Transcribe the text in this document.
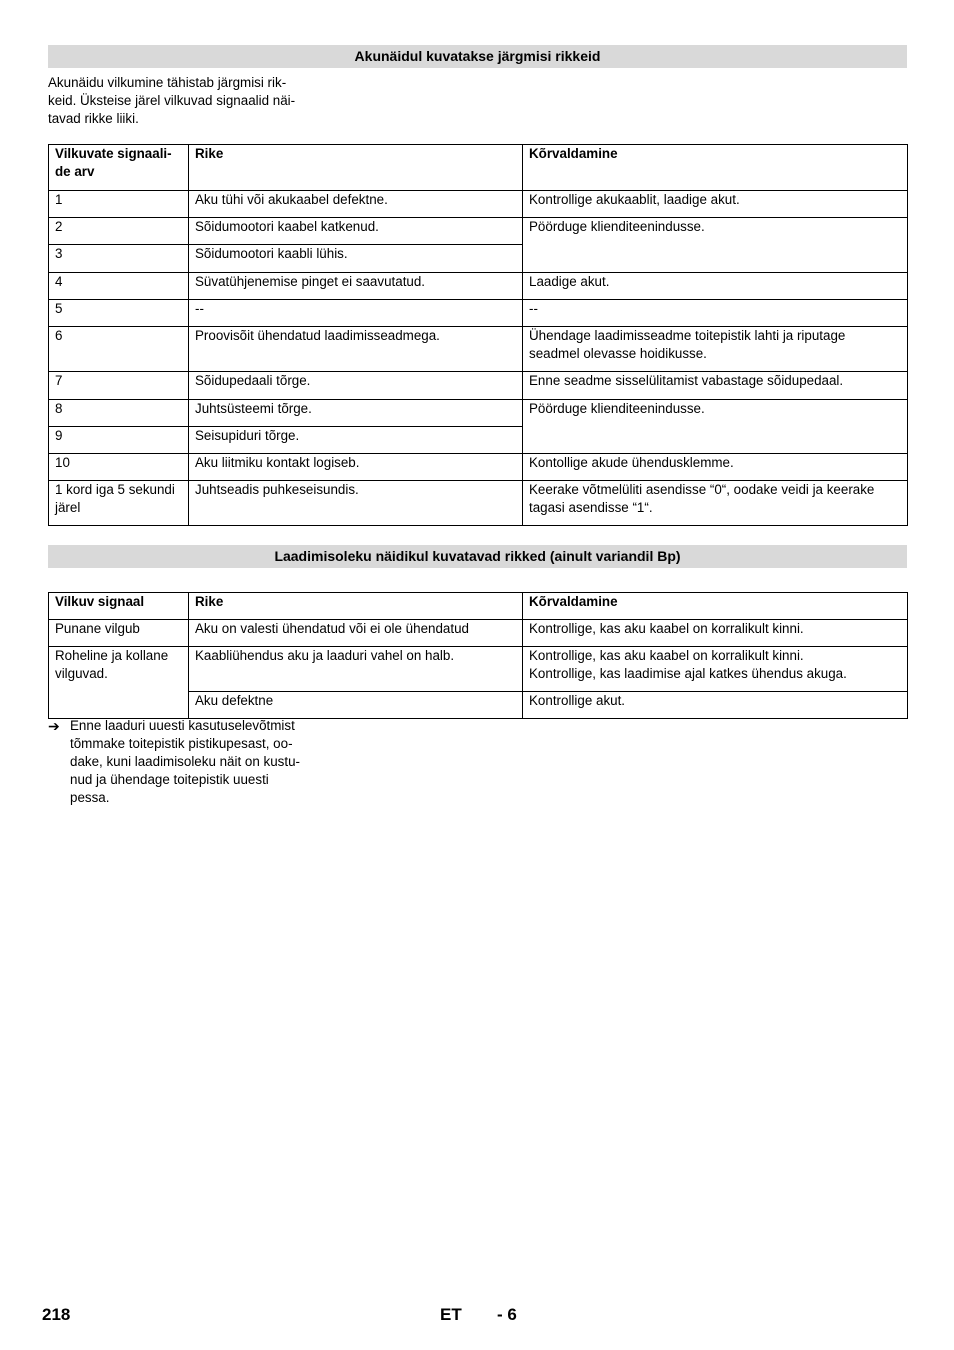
Akunäidul kuvatakse järgmisi rikkeid
Akunäidu vilkumine tähistab järgmisi rik-
keid. Üksteise järel vilkuvad signaalid näi-
tavad rikke liiki.
Vilkuvate signaali-
de arv	Rike	Kõrvaldamine
1	Aku tühi või akukaabel defektne.	Kontrollige akukaablit, laadige akut.
2	Sõidumootori kaabel katkenud.	Pöörduge klienditeenindusse.
3	Sõidumootori kaabli lühis.	
4	Süvatühjenemise pinget ei saavutatud.	Laadige akut.
5	--	--
6	Proovisõit ühendatud laadimisseadmega.	Ühendage laadimisseadme toitepistik lahti ja riputage
seadmel olevasse hoidikusse.

7	Sõidupedaali tõrge.	Enne seadme sisselülitamist vabastage sõidupedaal.
8	Juhtsüsteemi tõrge.	Pöörduge klienditeenindusse.
9	Seisupiduri tõrge.	
10	Aku liitmiku kontakt logiseb.	Kontollige akude ühendusklemme.

1 kord iga 5 sekundi
järel	Juhtseadis puhkeseisundis.	Keerake võtmelüliti asendisse “0“, oodake veidi ja keerake
tagasi asendisse “1“.
Laadimisoleku näidikul kuvatavad rikked (ainult variandil Bp)
Vilkuv signaal	Rike	Kõrvaldamine
Punane vilgub	Aku on valesti ühendatud või ei ole ühendatud	Kontrollige, kas aku kaabel on korralikult kinni.

Roheline ja kollane
vilguvad.	Kaabliühendus aku ja laaduri vahel on halb.	Kontrollige, kas aku kaabel on korralikult kinni.
Kontrollige, kas laadimise ajal katkes ühendus akuga.

	Aku defektne	Kontrollige akut.
➔ Enne laaduri uuesti kasutuselevõtmist
tõmmake toitepistik pistikupesast, oo-
dake, kuni laadimisoleku näit on kustu-
nud ja ühendage toitepistik uuesti
pessa.
218	ET - 6
